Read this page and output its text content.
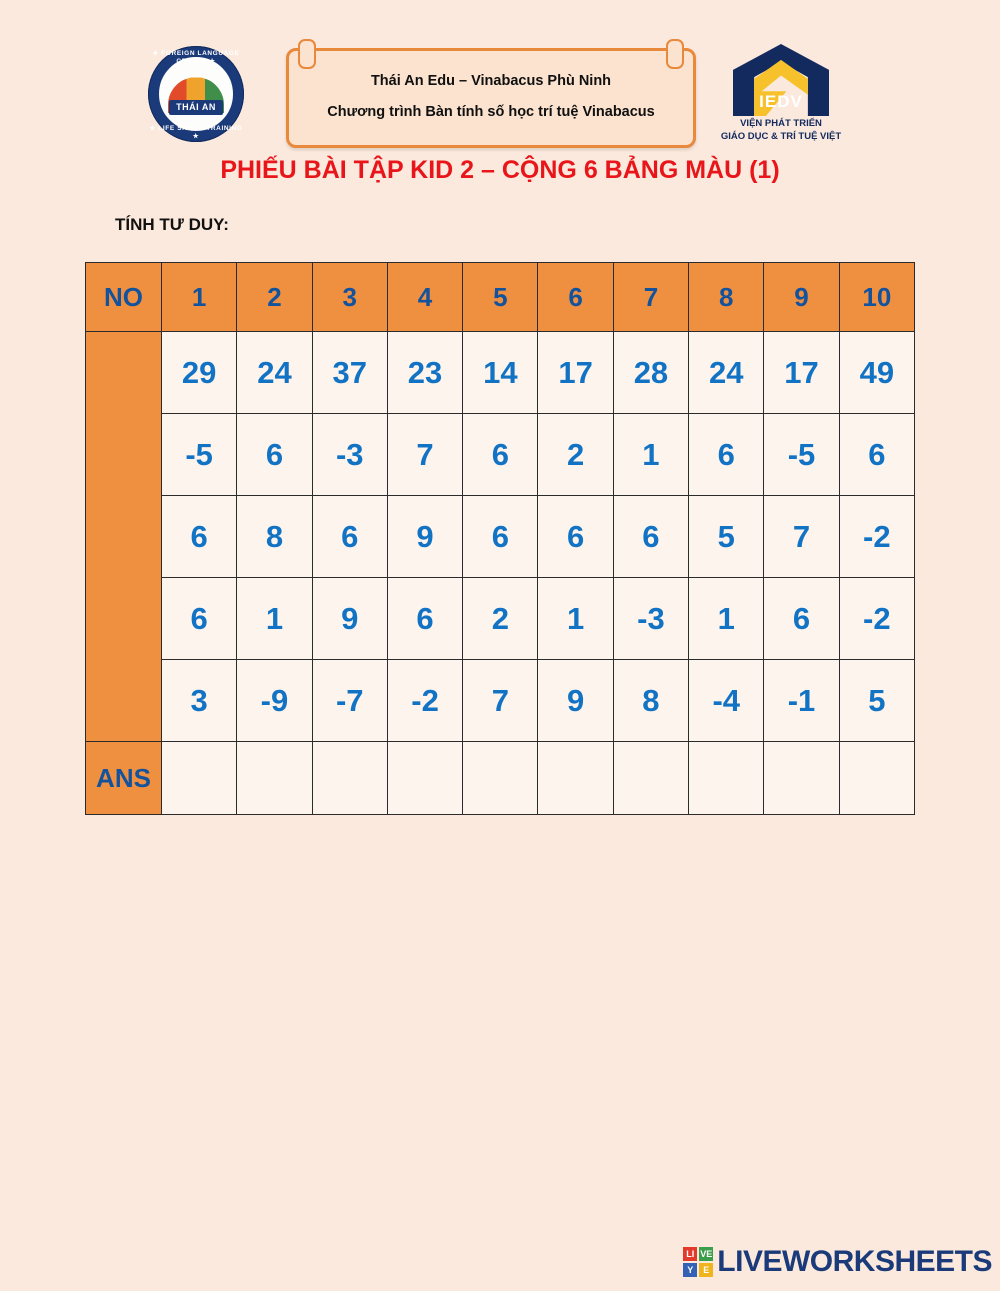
THÁI AN
★ FOREIGN LANGUAGE CENTER ★
★ LIFE SKILLS TRAINING ★
Thái An Edu – Vinabacus Phù Ninh
Chương trình Bàn tính số học trí tuệ Vinabacus
IEDV
VIỆN PHÁT TRIỂN
GIÁO DỤC & TRÍ TUỆ VIỆT
PHIẾU BÀI TẬP KID 2 – CỘNG 6 BẢNG MÀU (1)
TÍNH TƯ DUY:
NO	1	2	3	4	5	6	7	8	9	10
	29	24	37	23	14	17	28	24	17	49
	-5	6	-3	7	6	2	1	6	-5	6
	6	8	6	9	6	6	6	5	7	-2
	6	1	9	6	2	1	-3	1	6	-2
	3	-9	-7	-2	7	9	8	-4	-1	5
ANS										
LI VE
Y	E LIVEWORKSHEETS
